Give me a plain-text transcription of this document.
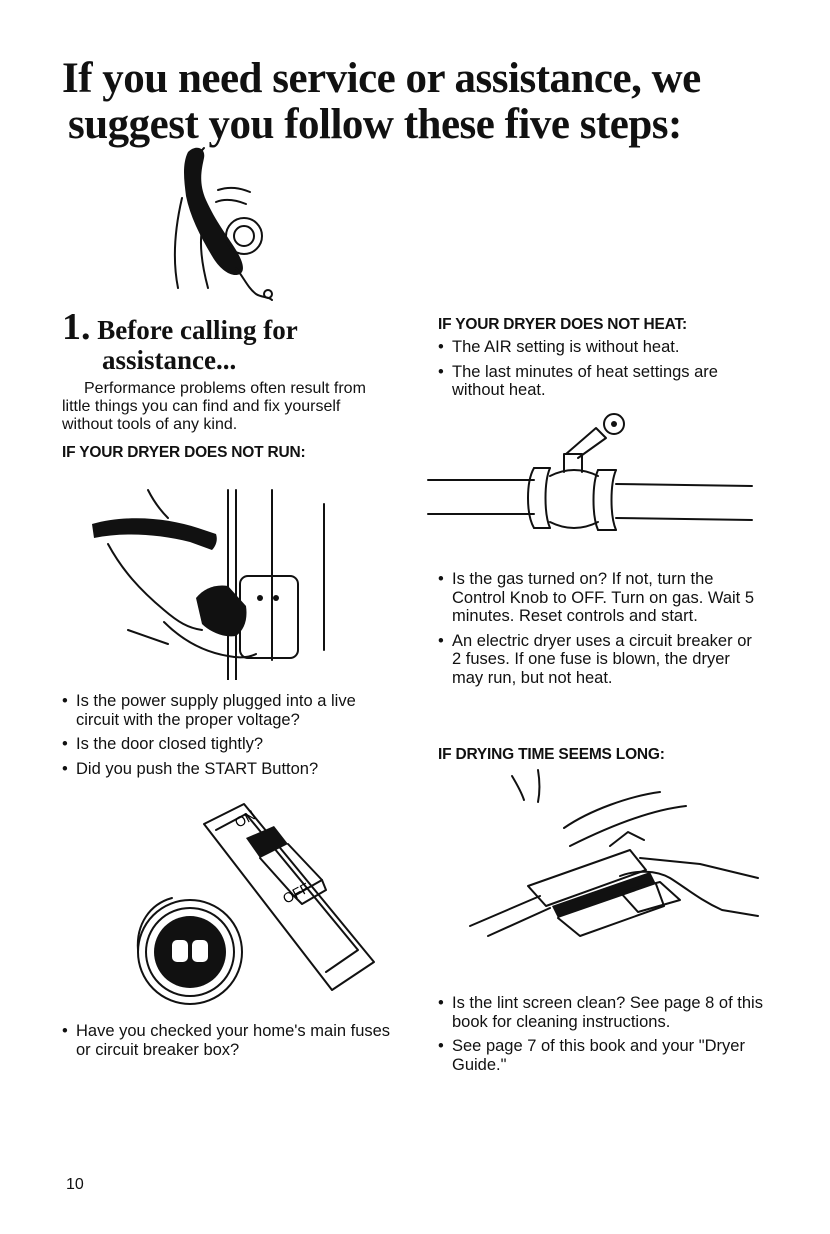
If you need service or assistance, we
suggest you follow these five steps:
1. Before calling for
assistance...

Performance problems often result from little things you can find and fix yourself without tools of any kind.

IF YOUR DRYER DOES NOT RUN:
• Is the power supply plugged into a live circuit with the proper voltage?
• Is the door closed tightly?
• Did you push the START Button?
ON
OFF
• Have you checked your home's main fuses or circuit breaker box?
IF YOUR DRYER DOES NOT HEAT:
• The AIR setting is without heat.
• The last minutes of heat settings are without heat.
• Is the gas turned on? If not, turn the Control Knob to OFF. Turn on gas. Wait 5 minutes. Reset controls and start.
• An electric dryer uses a circuit breaker or 2 fuses. If one fuse is blown, the dryer may run, but not heat.
IF DRYING TIME SEEMS LONG:
• Is the lint screen clean? See page 8 of this book for cleaning instructions.
• See page 7 of this book and your "Dryer Guide."
10
